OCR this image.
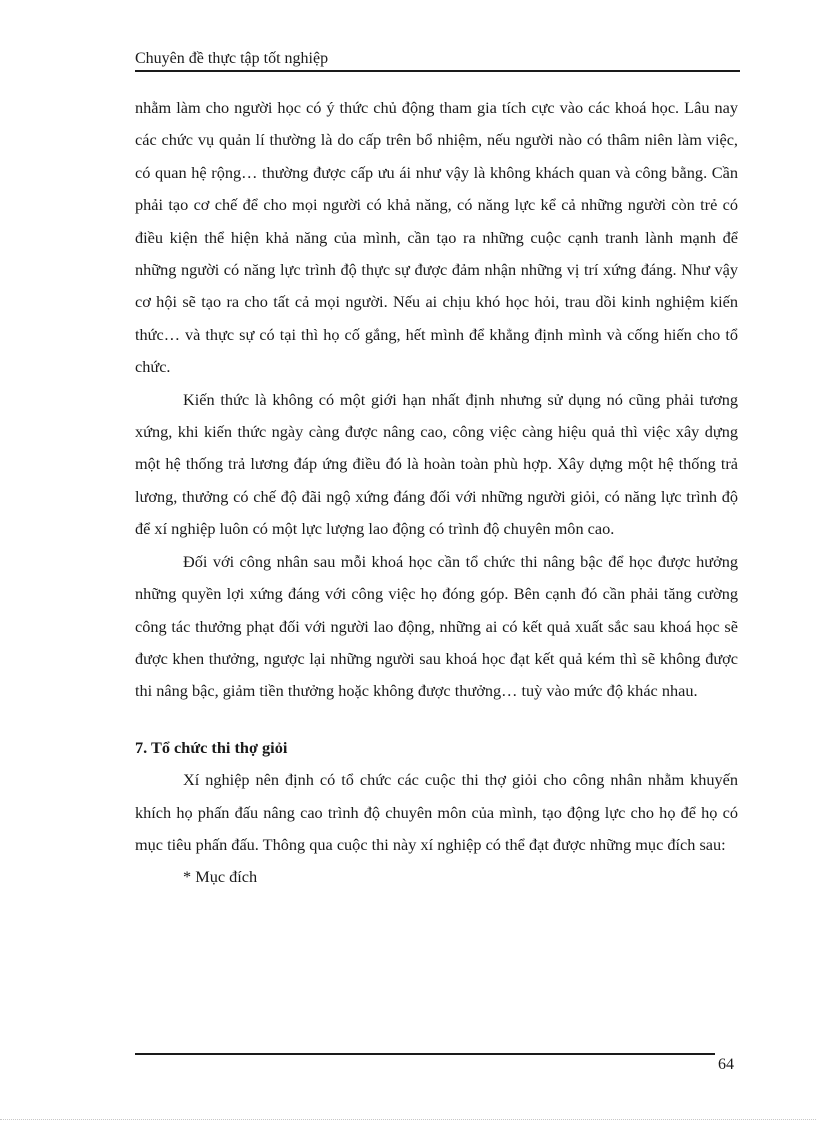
Chuyên đề thực tập tốt nghiệp

nhằm làm cho người học có ý thức chủ động tham gia tích cực vào các khoá học. Lâu nay các chức vụ quản lí thường là do cấp trên bổ nhiệm, nếu người nào có thâm niên làm việc, có quan hệ rộng… thường được cấp ưu ái như vậy là không khách quan và công bằng. Cần phải tạo cơ chế để cho mọi người có khả năng, có năng lực kể cả những người còn trẻ có điều kiện thể hiện khả năng của mình, cần tạo ra những cuộc cạnh tranh lành mạnh để những người có năng lực trình độ thực sự được đảm nhận những vị trí xứng đáng. Như vậy cơ hội sẽ tạo ra cho tất cả mọi người. Nếu ai chịu khó học hỏi, trau dồi kinh nghiệm kiến thức… và thực sự có tại thì họ cố gắng, hết mình để khẳng định mình và cống hiến cho tổ chức.

Kiến thức là không có một giới hạn nhất định nhưng sử dụng nó cũng phải tương xứng, khi kiến thức ngày càng được nâng cao, công việc càng hiệu quả thì việc xây dựng một hệ thống trả lương đáp ứng điều đó là hoàn toàn phù hợp. Xây dựng một hệ thống trả lương, thưởng có chế độ đãi ngộ xứng đáng đối với những người giỏi, có năng lực trình độ để xí nghiệp luôn có một lực lượng lao động có trình độ chuyên môn cao.

Đối với công nhân sau mỗi khoá học cần tổ chức thi nâng bậc để học được hưởng những quyền lợi xứng đáng với công việc họ đóng góp. Bên cạnh đó cần phải tăng cường công tác thưởng phạt đối với người lao động, những ai có kết quả xuất sắc sau khoá học sẽ được khen thưởng, ngược lại những người sau khoá học đạt kết quả kém thì sẽ không được thi nâng bậc, giảm tiền thưởng hoặc không được thưởng… tuỳ vào mức độ khác nhau.

7. Tổ chức thi thợ giỏi

Xí nghiệp nên định có tổ chức các cuộc thi thợ giỏi cho công nhân nhằm khuyến khích họ phấn đấu nâng cao trình độ chuyên môn của mình, tạo động lực cho họ để họ có mục tiêu phấn đấu. Thông qua cuộc thi này xí nghiệp có thể đạt được những mục đích sau:

* Mục đích

64
